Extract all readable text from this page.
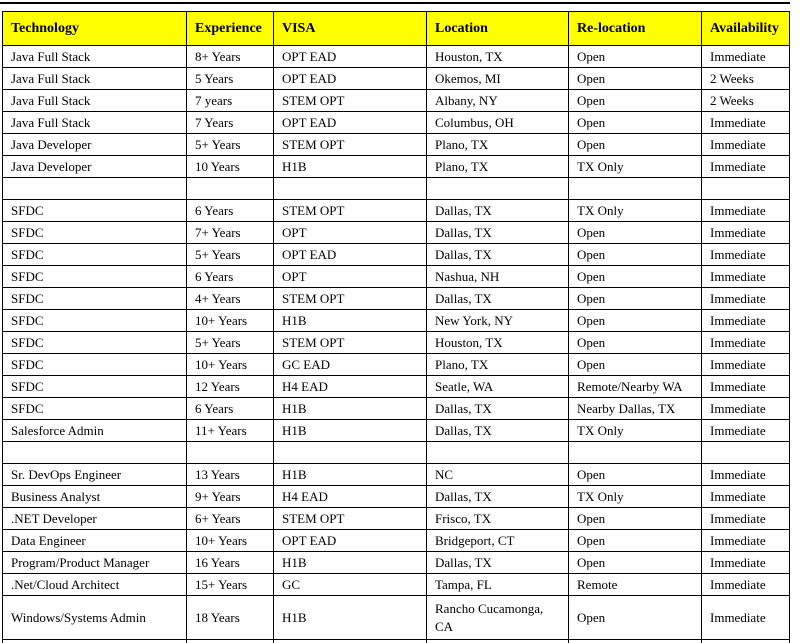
Technology	Experience	VISA	Location	Re-location	Availability
Java Full Stack	8+ Years	OPT EAD	Houston, TX	Open	Immediate
Java Full Stack	5 Years	OPT EAD	Okemos, MI	Open	2 Weeks
Java Full Stack	7 years	STEM OPT	Albany, NY	Open	2 Weeks
Java Full Stack	7 Years	OPT EAD	Columbus, OH	Open	Immediate
Java Developer	5+ Years	STEM OPT	Plano, TX	Open	Immediate
Java Developer	10 Years	H1B	Plano, TX	TX Only	Immediate

SFDC	6 Years	STEM OPT	Dallas, TX	TX Only	Immediate
SFDC	7+ Years	OPT	Dallas, TX	Open	Immediate
SFDC	5+ Years	OPT EAD	Dallas, TX	Open	Immediate
SFDC	6 Years	OPT	Nashua, NH	Open	Immediate
SFDC	4+ Years	STEM OPT	Dallas, TX	Open	Immediate
SFDC	10+ Years	H1B	New York, NY	Open	Immediate
SFDC	5+ Years	STEM OPT	Houston, TX	Open	Immediate
SFDC	10+ Years	GC EAD	Plano, TX	Open	Immediate
SFDC	12 Years	H4 EAD	Seatle, WA	Remote/Nearby WA	Immediate
SFDC	6 Years	H1B	Dallas, TX	Nearby Dallas, TX	Immediate
Salesforce Admin	11+ Years	H1B	Dallas, TX	TX Only	Immediate

Sr. DevOps Engineer	13 Years	H1B	NC	Open	Immediate
Business Analyst	9+ Years	H4 EAD	Dallas, TX	TX Only	Immediate
.NET Developer	6+ Years	STEM OPT	Frisco, TX	Open	Immediate
Data Engineer	10+ Years	OPT EAD	Bridgeport, CT	Open	Immediate
Program/Product Manager	16 Years	H1B	Dallas, TX	Open	Immediate
.Net/Cloud Architect	15+ Years	GC	Tampa, FL	Remote	Immediate
Windows/Systems Admin	18 Years	H1B	Rancho Cucamonga, CA	Open	Immediate
